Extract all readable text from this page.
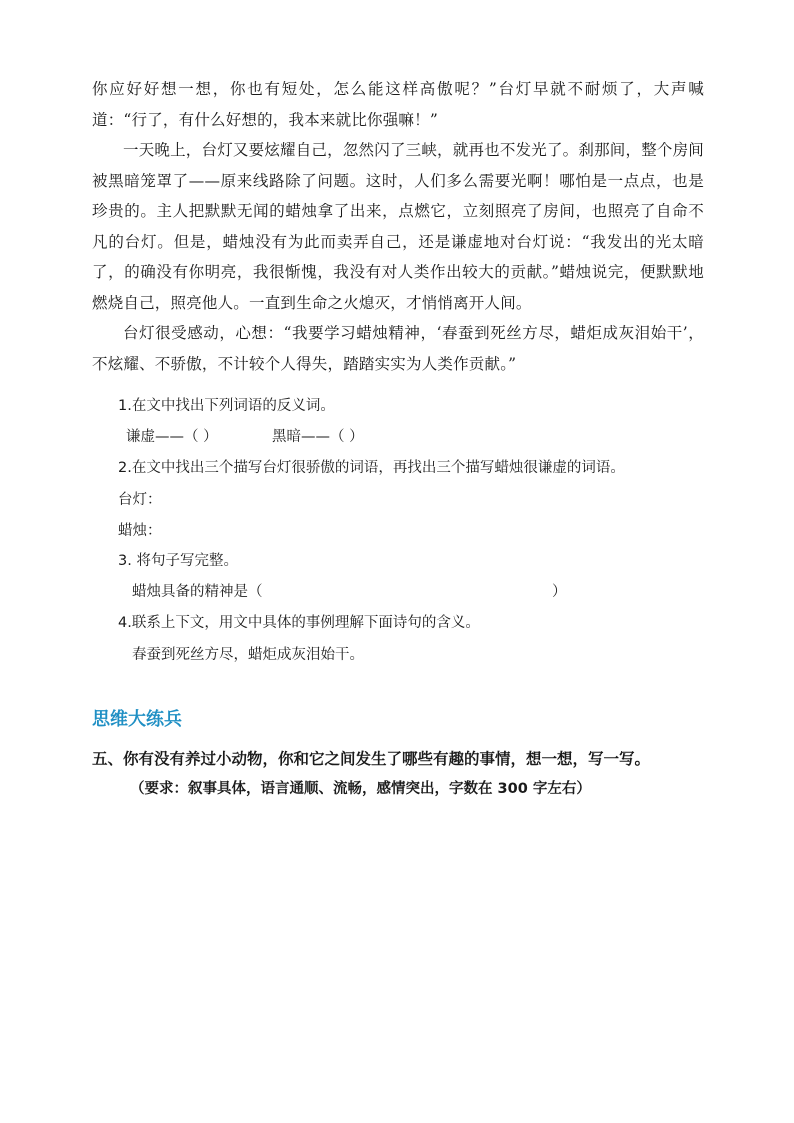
你应好好想一想，你也有短处，怎么能这样高傲呢？”台灯早就不耐烦了，大声喊道：“行了，有什么好想的，我本来就比你强嘛！”

一天晚上，台灯又要炫耀自己，忽然闪了三峡，就再也不发光了。刹那间，整个房间被黑暗笼罩了——原来线路除了问题。这时，人们多么需要光啊！哪怕是一点点，也是珍贵的。主人把默默无闻的蜡烛拿了出来，点燃它，立刻照亮了房间，也照亮了自命不凡的台灯。但是，蜡烛没有为此而卖弄自己，还是谦虚地对台灯说：“我发出的光太暗了，的确没有你明亮，我很惭愧，我没有对人类作出较大的贡献。”蜡烛说完，便默默地燃烧自己，照亮他人。一直到生命之火熄灭，才悄悄离开人间。

台灯很受感动，心想：“我要学习蜡烛精神，‘春蚕到死丝方尽，蜡炬成灰泪始干’，不炫耀、不骄傲，不计较个人得失，踏踏实实为人类作贡献。”

1.在文中找出下列词语的反义词。
谦虚——（ ）	黑暗——（ ）
2.在文中找出三个描写台灯很骄傲的词语，再找出三个描写蜡烛很谦虚的词语。
台灯：
蜡烛：
3. 将句子写完整。
蜡烛具备的精神是（	）
4.联系上下文，用文中具体的事例理解下面诗句的含义。
春蚕到死丝方尽，蜡炬成灰泪始干。
思维大练兵
五、你有没有养过小动物，你和它之间发生了哪些有趣的事情，想一想，写一写。
（要求：叙事具体，语言通顺、流畅，感情突出，字数在 300 字左右）
